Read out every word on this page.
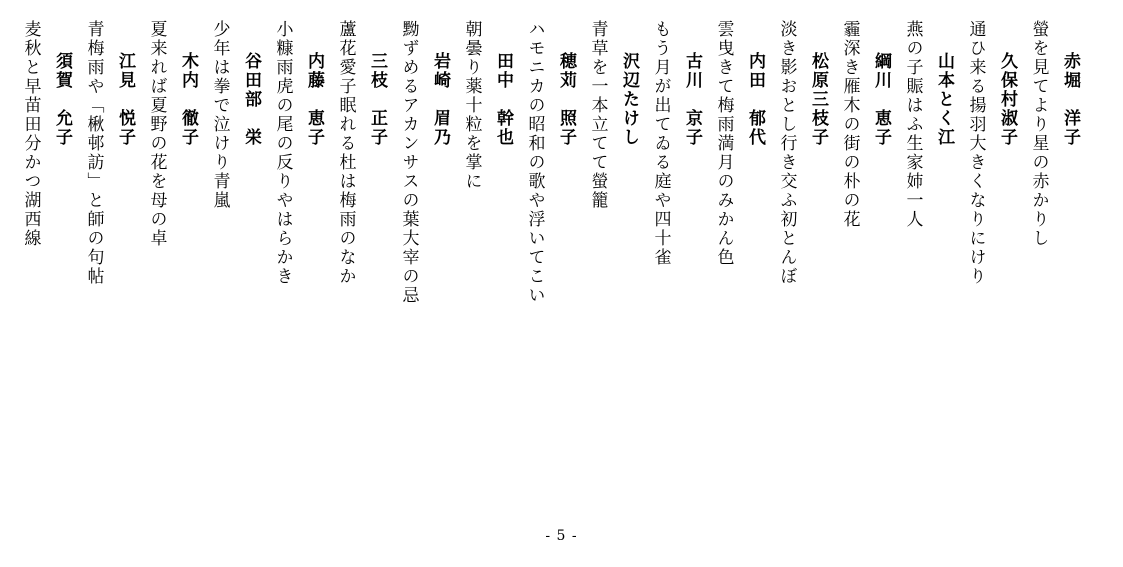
赤堀　洋子
螢を見てより星の赤かりし
久保村淑子
通ひ来る揚羽大きくなりにけり
山本とく江
燕の子賑はふ生家姉一人
綱川　恵子
霾深き雁木の街の朴の花
松原三枝子
淡き影おとし行き交ふ初とんぼ
内田　郁代
雲曳きて梅雨満月のみかん色
古川　京子
もう月が出てゐる庭や四十雀
沢辺たけし
青草を一本立てて螢籠
穂苅　照子
ハモニカの昭和の歌や浮いてこい
田中　幹也
朝曇り薬十粒を掌に
岩崎　眉乃
黝ずめるアカンサスの葉大宰の忌
三枝　正子
蘆花愛子眠れる杜は梅雨のなか
内藤　恵子
小糠雨虎の尾の反りやはらかき
谷田部　栄
少年は拳で泣けり青嵐
木内　徹子
夏来れば夏野の花を母の卓
江見　悦子
青梅雨や「楸邨訪」と師の句帖
須賀　允子
麦秋と早苗田分かつ湖西線
- 5 -
